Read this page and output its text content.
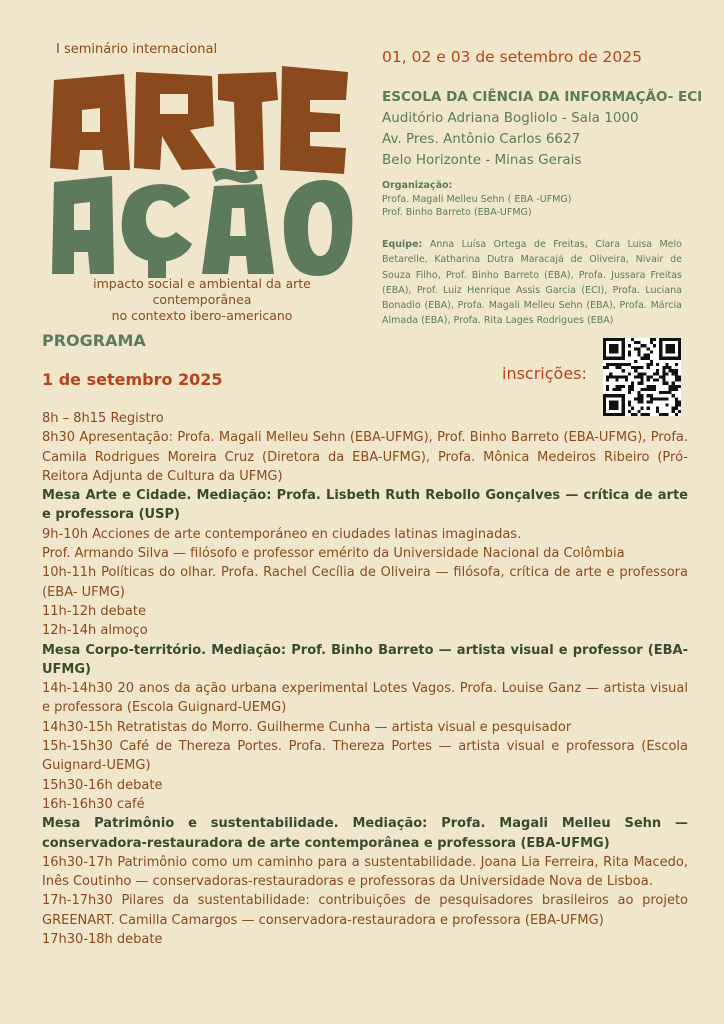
I seminário internacional
impacto social e ambiental da arte contemporânea
no contexto ibero-americano
01, 02 e 03 de setembro de 2025
ESCOLA DA CIÊNCIA DA INFORMAÇÃO- ECI
Auditório Adriana Bogliolo - Sala 1000
Av. Pres. Antônio Carlos 6627
Belo Horizonte - Minas Gerais
Organização:
Profa. Magali Melleu Sehn ( EBA -UFMG)
Prof. Binho Barreto (EBA-UFMG)
Equipe: Anna Luísa Ortega de Freitas, Clara Luisa Melo Betarelle, Katharina Dutra Maracajá de Oliveira, Nivair de Souza Filho, Prof. Binho Barreto (EBA), Profa. Jussara Freitas (EBA), Prof. Luiz Henrique Assis Garcia (ECI), Profa. Luciana Bonadio (EBA), Profa. Magali Melleu Sehn (EBA), Profa. Márcia Almada (EBA), Profa. Rita Lages Rodrigues (EBA)
PROGRAMA
1 de setembro 2025	inscrições:
8h – 8h15 Registro
8h30 Apresentação: Profa. Magali Melleu Sehn (EBA-UFMG), Prof. Binho Barreto (EBA-UFMG), Profa. Camila Rodrigues Moreira Cruz (Diretora da EBA-UFMG), Profa. Mônica Medeiros Ribeiro (Pró-Reitora Adjunta de Cultura da UFMG)
Mesa Arte e Cidade. Mediação: Profa. Lisbeth Ruth Rebollo Gonçalves — crítica de arte e professora (USP)
9h-10h Acciones de arte contemporáneo en ciudades latinas imaginadas.
Prof. Armando Silva — filósofo e professor emérito da Universidade Nacional da Colômbia
10h-11h Políticas do olhar. Profa. Rachel Cecília de Oliveira — filósofa, crítica de arte e professora (EBA- UFMG)
11h-12h debate
12h-14h almoço
Mesa Corpo-território. Mediação: Prof. Binho Barreto — artista visual e professor (EBA-UFMG)
14h-14h30 20 anos da ação urbana experimental Lotes Vagos. Profa. Louise Ganz — artista visual e professora (Escola Guignard-UEMG)
14h30-15h Retratistas do Morro. Guilherme Cunha — artista visual e pesquisador
15h-15h30 Café de Thereza Portes. Profa. Thereza Portes — artista visual e professora (Escola Guignard-UEMG)
15h30-16h debate
16h-16h30 café
Mesa Patrimônio e sustentabilidade. Mediação: Profa. Magali Melleu Sehn — conservadora-restauradora de arte contemporânea e professora (EBA-UFMG)
16h30-17h Patrimônio como um caminho para a sustentabilidade. Joana Lia Ferreira, Rita Macedo, Inês Coutinho — conservadoras-restauradoras e professoras da Universidade Nova de Lisboa.
17h-17h30 Pilares da sustentabilidade: contribuições de pesquisadores brasileiros ao projeto GREENART. Camilla Camargos — conservadora-restauradora e professora (EBA-UFMG)
17h30-18h debate
